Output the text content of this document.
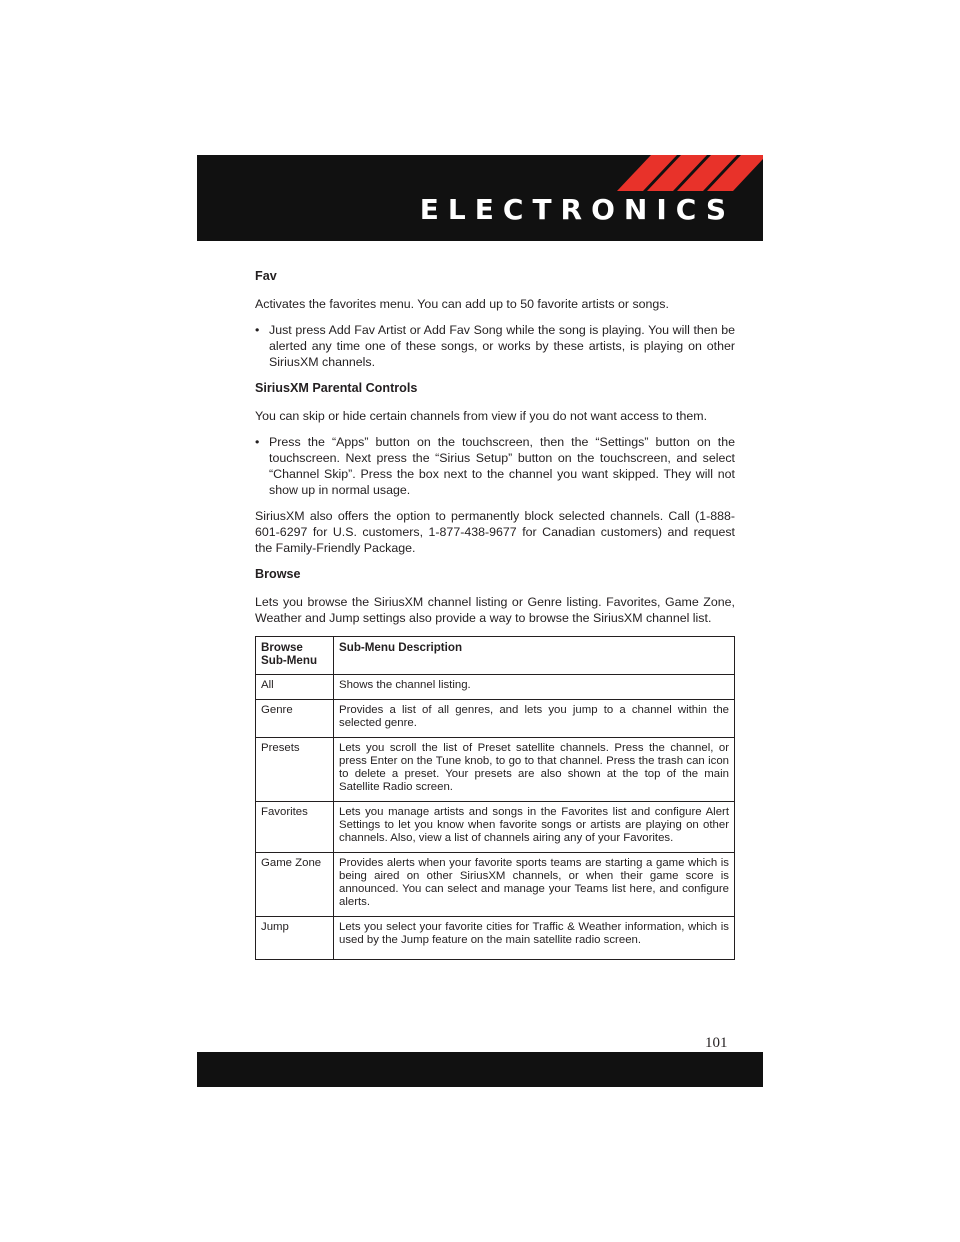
ELECTRONICS
Fav
Activates the favorites menu. You can add up to 50 favorite artists or songs.
• Just press Add Fav Artist or Add Fav Song while the song is playing. You will then be alerted any time one of these songs, or works by these artists, is playing on other SiriusXM channels.
SiriusXM Parental Controls
You can skip or hide certain channels from view if you do not want access to them.
• Press the “Apps” button on the touchscreen, then the “Settings” button on the touchscreen. Next press the “Sirius Setup” button on the touchscreen, and select “Channel Skip”. Press the box next to the channel you want skipped. They will not show up in normal usage.
SiriusXM also offers the option to permanently block selected channels. Call (1-888-601-6297 for U.S. customers, 1-877-438-9677 for Canadian customers) and request the Family-Friendly Package.
Browse
Lets you browse the SiriusXM channel listing or Genre listing. Favorites, Game Zone, Weather and Jump settings also provide a way to browse the SiriusXM channel list.
Browse Sub-Menu	Sub-Menu Description
All	Shows the channel listing.
Genre	Provides a list of all genres, and lets you jump to a channel within the selected genre.
Presets	Lets you scroll the list of Preset satellite channels. Press the channel, or press Enter on the Tune knob, to go to that channel. Press the trash can icon to delete a preset. Your presets are also shown at the top of the main Satellite Radio screen.
Favorites	Lets you manage artists and songs in the Favorites list and configure Alert Settings to let you know when favorite songs or artists are playing on other channels. Also, view a list of channels airing any of your Favorites.
Game Zone	Provides alerts when your favorite sports teams are starting a game which is being aired on other SiriusXM channels, or when their game score is announced. You can select and manage your Teams list here, and configure alerts.
Jump	Lets you select your favorite cities for Traffic & Weather information, which is used by the Jump feature on the main satellite radio screen.
101
